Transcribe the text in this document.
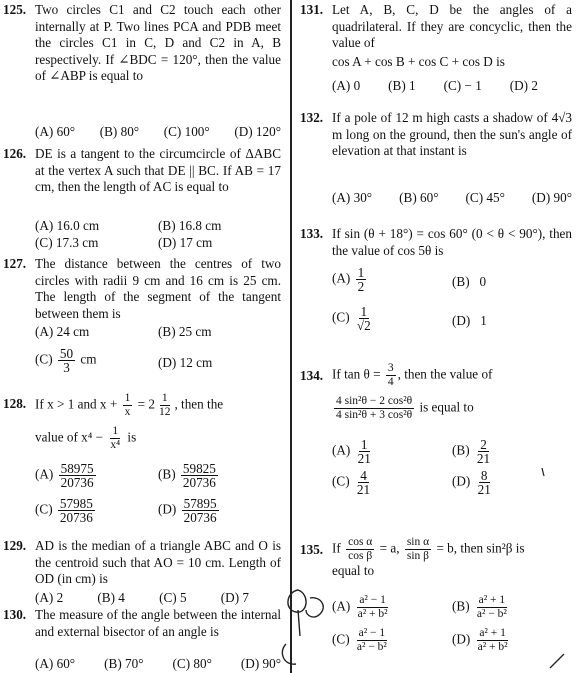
125. Two circles C1 and C2 touch each other internally at P. Two lines PCA and PDB meet the circles C1 in C, D and C2 in A, B respectively. If ∠BDC = 120°, then the value of ∠ABP is equal to
(A) 60° (B) 80° (C) 100° (D) 120°
126. DE is a tangent to the circumcircle of ΔABC at the vertex A such that DE || BC. If AB = 17 cm, then the length of AC is equal to
(A) 16.0 cm	(B) 16.8 cm
(C) 17.3 cm	(D) 17 cm
127. The distance between the centres of two circles with radii 9 cm and 16 cm is 25 cm. The length of the segment of the tangent between them is
(A) 24 cm	(B) 25 cm
$(C) \frac{50}{3}$ cm	(D) 12 cm
128. If x > 1 and $x + \frac{1}{x} = 2 \frac{1}{12}$ , then the
value of $x^4 - \frac{1}{\text{x⁴}}$ is
$(A) \frac{58975}{20736}$	$(B) \frac{59825}{20736}$
$(C) \frac{57985}{20736}$	$(D) \frac{57895}{20736}$
129. AD is the median of a triangle ABC and O is the centroid such that AO = 10 cm. Length of OD (in cm) is
(A) 2	(B) 4	(C) 5	(D) 7
130. The measure of the angle between the internal and external bisector of an angle is
(A) 60° (B) 70° (C) 80° (D) 90°
131. Let A, B, C, D be the angles of a quadrilateral. If they are concyclic, then the value of
cos A + cos B + cos C + cos D is
(A) 0 (B) 1 (C) − 1 (D) 2
132. If a pole of 12 m high casts a shadow of 4√3 m long on the ground, then the sun's angle of elevation at that instant is
(A) 30° (B) 60° (C) 45° (D) 90°
133. If sin (θ + 18°) = cos 60° (0 < θ < 90°), then the value of cos 5θ is
$(A) \frac{1}{2}$	(B) 0
$(C) \frac{1}{√2}$	(D) 1
134. If $\tan \theta = \frac{3}{4}$ , then the value of
$\frac{\text{4 sin²θ − 2 cos²θ}}{\text{4 sin²θ + 3 cos²θ}}$ is equal to
$(A) \frac{1}{21}$	$(B) \frac{2}{21}$
$(C) \frac{4}{21}$	$(D) \frac{8}{21}$
135. If $\frac{\text{cos α}}{\text{cos β}} = a$, $\frac{\text{sin α}}{\text{sin β}} = b$, then sin²β is
equal to
$(A) \frac{\text{a² − 1}}{\text{a² + b²}}$	$(B) \frac{\text{a² + 1}}{\text{a² − b²}}$
$(C) \frac{\text{a² − 1}}{\text{a² − b²}}$	$(D) \frac{\text{a² + 1}}{\text{a² + b²}}$
